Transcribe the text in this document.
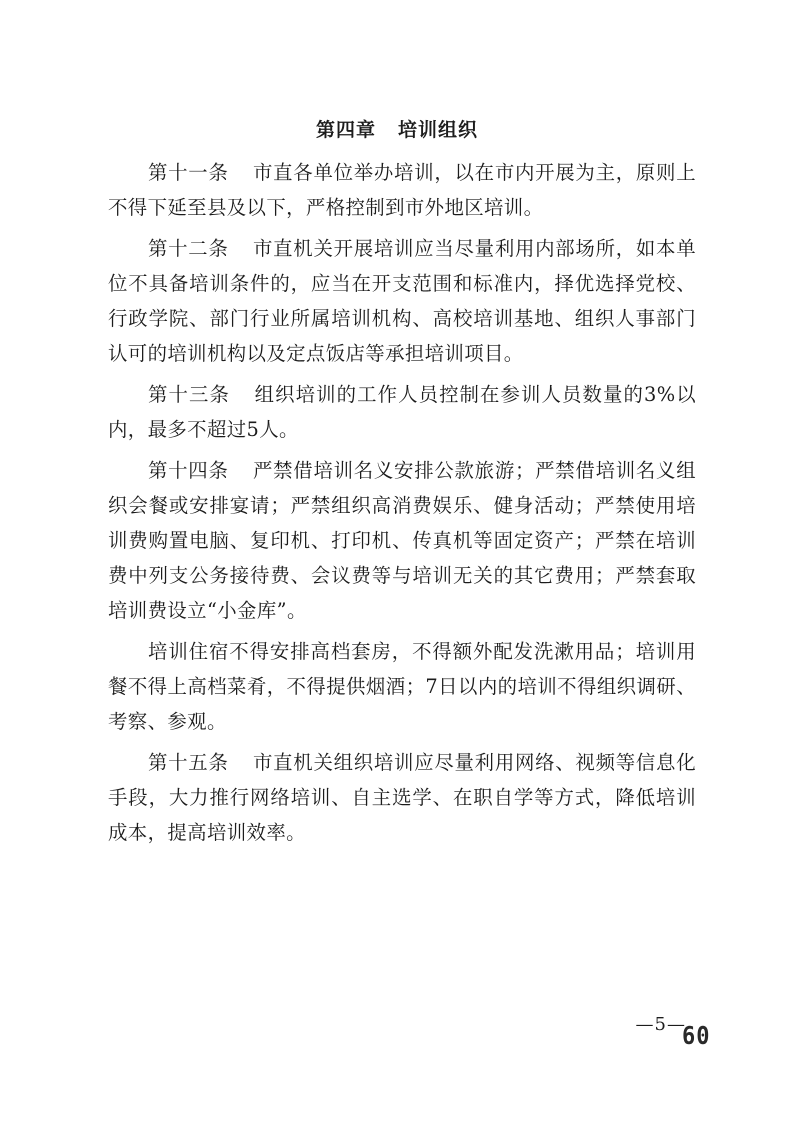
第四章 培训组织

第十一条 市直各单位举办培训，以在市内开展为主，原则上不得下延至县及以下，严格控制到市外地区培训。

第十二条 市直机关开展培训应当尽量利用内部场所，如本单位不具备培训条件的，应当在开支范围和标准内，择优选择党校、行政学院、部门行业所属培训机构、高校培训基地、组织人事部门认可的培训机构以及定点饭店等承担培训项目。

第十三条 组织培训的工作人员控制在参训人员数量的3%以内，最多不超过5人。

第十四条 严禁借培训名义安排公款旅游；严禁借培训名义组织会餐或安排宴请；严禁组织高消费娱乐、健身活动；严禁使用培训费购置电脑、复印机、打印机、传真机等固定资产；严禁在培训费中列支公务接待费、会议费等与培训无关的其它费用；严禁套取培训费设立“小金库”。

培训住宿不得安排高档套房，不得额外配发洗漱用品；培训用餐不得上高档菜肴，不得提供烟酒；7日以内的培训不得组织调研、考察、参观。

第十五条 市直机关组织培训应尽量利用网络、视频等信息化手段，大力推行网络培训、自主选学、在职自学等方式，降低培训成本，提高培训效率。

—5—
60
